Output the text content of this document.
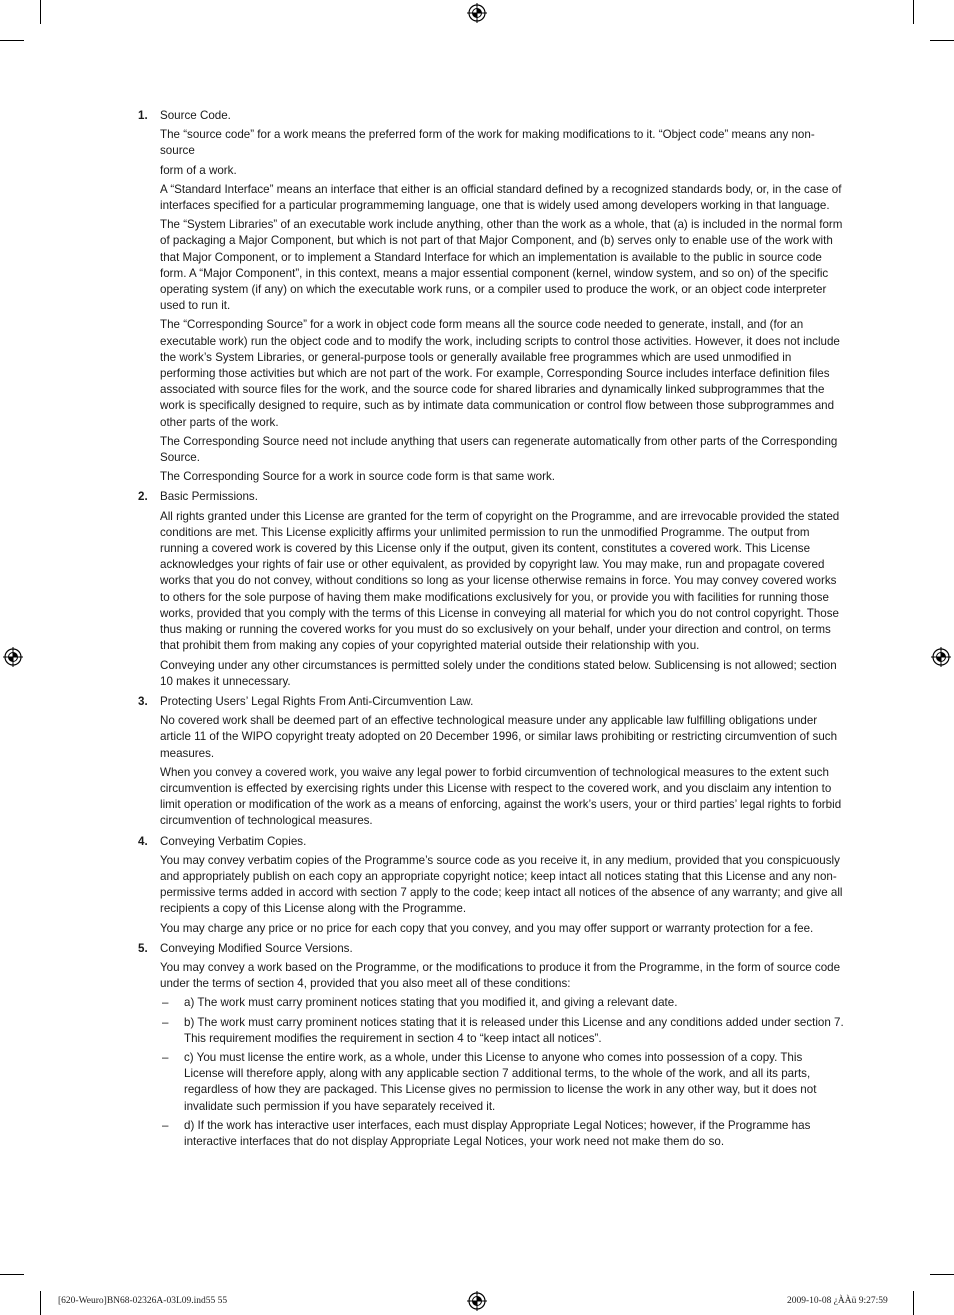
1. Source Code.
The “source code” for a work means the preferred form of the work for making modifications to it. “Object code” means any non-source
form of a work.
A “Standard Interface” means an interface that either is an official standard defined by a recognized standards body, or, in the case of interfaces specified for a particular programmeming language, one that is widely used among developers working in that language.
The “System Libraries” of an executable work include anything, other than the work as a whole, that (a) is included in the normal form of packaging a Major Component, but which is not part of that Major Component, and (b) serves only to enable use of the work with that Major Component, or to implement a Standard Interface for which an implementation is available to the public in source code form. A “Major Component”, in this context, means a major essential component (kernel, window system, and so on) of the specific operating system (if any) on which the executable work runs, or a compiler used to produce the work, or an object code interpreter used to run it.
The “Corresponding Source” for a work in object code form means all the source code needed to generate, install, and (for an executable work) run the object code and to modify the work, including scripts to control those activities. However, it does not include the work’s System Libraries, or general-purpose tools or generally available free programmes which are used unmodified in performing those activities but which are not part of the work. For example, Corresponding Source includes interface definition files associated with source files for the work, and the source code for shared libraries and dynamically linked subprogrammes that the work is specifically designed to require, such as by intimate data communication or control flow between those subprogrammes and other parts of the work.
The Corresponding Source need not include anything that users can regenerate automatically from other parts of the Corresponding Source.
The Corresponding Source for a work in source code form is that same work.
2. Basic Permissions.
All rights granted under this License are granted for the term of copyright on the Programme, and are irrevocable provided the stated conditions are met. This License explicitly affirms your unlimited permission to run the unmodified Programme. The output from running a covered work is covered by this License only if the output, given its content, constitutes a covered work. This License acknowledges your rights of fair use or other equivalent, as provided by copyright law. You may make, run and propagate covered works that you do not convey, without conditions so long as your license otherwise remains in force. You may convey covered works to others for the sole purpose of having them make modifications exclusively for you, or provide you with facilities for running those works, provided that you comply with the terms of this License in conveying all material for which you do not control copyright. Those thus making or running the covered works for you must do so exclusively on your behalf, under your direction and control, on terms that prohibit them from making any copies of your copyrighted material outside their relationship with you.
Conveying under any other circumstances is permitted solely under the conditions stated below. Sublicensing is not allowed; section 10 makes it unnecessary.
3. Protecting Users’ Legal Rights From Anti-Circumvention Law.
No covered work shall be deemed part of an effective technological measure under any applicable law fulfilling obligations under article 11 of the WIPO copyright treaty adopted on 20 December 1996, or similar laws prohibiting or restricting circumvention of such measures.
When you convey a covered work, you waive any legal power to forbid circumvention of technological measures to the extent such circumvention is effected by exercising rights under this License with respect to the covered work, and you disclaim any intention to limit operation or modification of the work as a means of enforcing, against the work’s users, your or third parties’ legal rights to forbid circumvention of technological measures.
4. Conveying Verbatim Copies.
You may convey verbatim copies of the Programme’s source code as you receive it, in any medium, provided that you conspicuously and appropriately publish on each copy an appropriate copyright notice; keep intact all notices stating that this License and any non-permissive terms added in accord with section 7 apply to the code; keep intact all notices of the absence of any warranty; and give all recipients a copy of this License along with the Programme.
You may charge any price or no price for each copy that you convey, and you may offer support or warranty protection for a fee.
5. Conveying Modified Source Versions.
You may convey a work based on the Programme, or the modifications to produce it from the Programme, in the form of source code under the terms of section 4, provided that you also meet all of these conditions:
– a) The work must carry prominent notices stating that you modified it, and giving a relevant date.
– b) The work must carry prominent notices stating that it is released under this License and any conditions added under section 7. This requirement modifies the requirement in section 4 to “keep intact all notices”.
– c) You must license the entire work, as a whole, under this License to anyone who comes into possession of a copy. This License will therefore apply, along with any applicable section 7 additional terms, to the whole of the work, and all its parts, regardless of how they are packaged. This License gives no permission to license the work in any other way, but it does not invalidate such permission if you have separately received it.
– d) If the work has interactive user interfaces, each must display Appropriate Legal Notices; however, if the Programme has interactive interfaces that do not display Appropriate Legal Notices, your work need not make them do so.
[620-Weuro]BN68-02326A-03L09.ind55 55	2009-10-08 ¿ÀÀü 9:27:59
